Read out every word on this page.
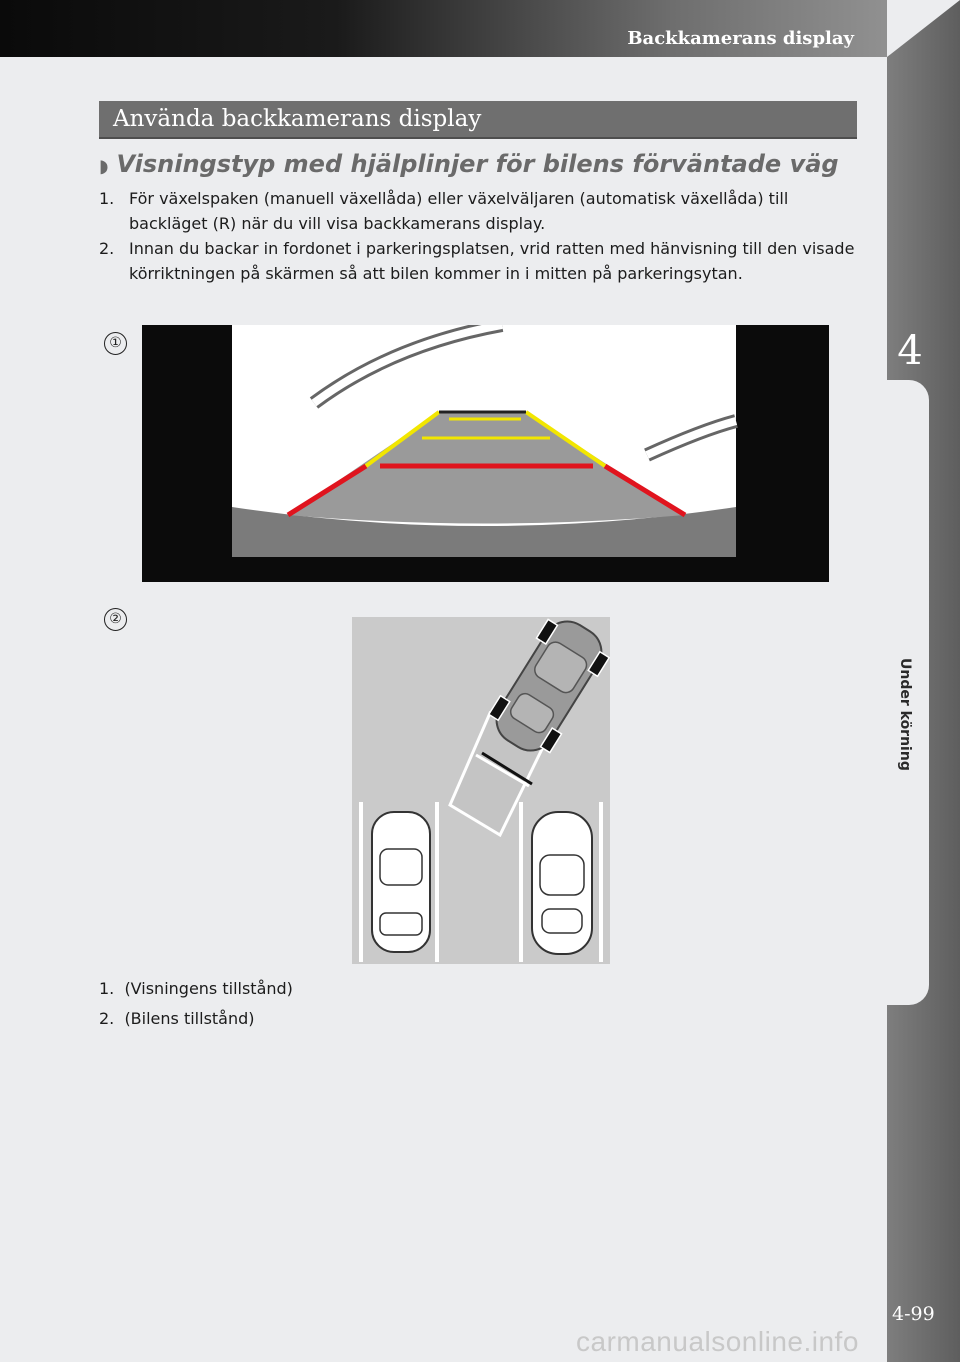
Backkamerans display
4
Under körning
Använda backkamerans display
◗ Visningstyp med hjälplinjer för bilens förväntade väg
1. För växelspaken (manuell växellåda) eller växelväljaren (automatisk växellåda) till backläget (R) när du vill visa backkamerans display.
2. Innan du backar in fordonet i parkeringsplatsen, vrid ratten med hänvisning till den visade körriktningen på skärmen så att bilen kommer in i mitten på parkeringsytan.
①
②
1. (Visningens tillstånd)
2. (Bilens tillstånd)
4-99
carmanualsonline.info
